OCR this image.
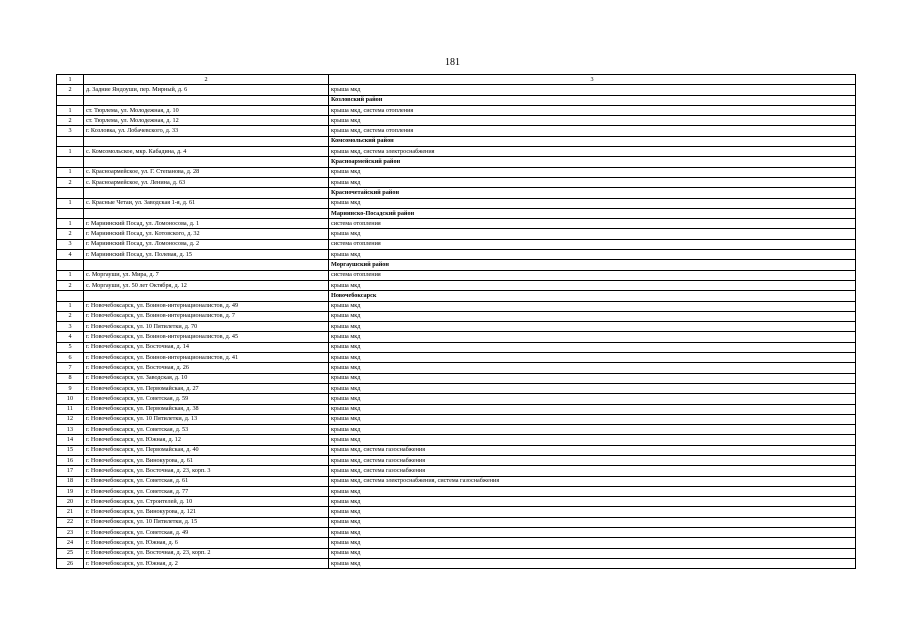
181
1	2	3
2	д. Задние Яндоуши, пер. Мирный, д. 6	крыша мкд
		Козловский район
1	ст. Тюрлема, ул. Молодежная, д. 10	крыша мкд, система отопления
2	ст. Тюрлема, ул. Молодежная, д. 12	крыша мкд
3	г. Козловка, ул. Лобачевского, д. 33	крыша мкд, система отопления
		Комсомольский район
1	с. Комсомольское, мкр. Кабадина, д. 4	крыша мкд, система электроснабжения
		Красноармейский район
1	с. Красноармейское, ул. Г. Степанова, д. 28	крыша мкд
2	с. Красноармейское, ул. Ленина, д. 63	крыша мкд
		Красночетайский район
1	с. Красные Четаи, ул. Заводская 1-я, д. 61	крыша мкд
		Мариинско-Посадский район
1	г. Мариинский Посад, ул. Ломоносова, д. 1	система отопления
2	г. Мариинский Посад, ул. Котовского, д. 32	крыша мкд
3	г. Мариинский Посад, ул. Ломоносова, д. 2	система отопления
4	г. Мариинский Посад, ул. Полевая, д. 15	крыша мкд
		Моргаушский район
1	с. Моргауши, ул. Мира, д. 7	система отопления
2	с. Моргауши, ул. 50 лет Октября, д. 12	крыша мкд
		Новочебоксарск
1	г. Новочебоксарск, ул. Воинов-интернационалистов, д. 49	крыша мкд
2	г. Новочебоксарск, ул. Воинов-интернационалистов, д. 7	крыша мкд
3	г. Новочебоксарск, ул. 10 Пятилетки, д. 70	крыша мкд
4	г. Новочебоксарск, ул. Воинов-интернационалистов, д. 45	крыша мкд
5	г. Новочебоксарск, ул. Восточная, д. 14	крыша мкд
6	г. Новочебоксарск, ул. Воинов-интернационалистов, д. 41	крыша мкд
7	г. Новочебоксарск, ул. Восточная, д. 26	крыша мкд
8	г. Новочебоксарск, ул. Заводская, д. 10	крыша мкд
9	г. Новочебоксарск, ул. Первомайская, д. 27	крыша мкд
10	г. Новочебоксарск, ул. Советская, д. 59	крыша мкд
11	г. Новочебоксарск, ул. Первомайская, д. 38	крыша мкд
12	г. Новочебоксарск, ул. 10 Пятилетки, д. 13	крыша мкд
13	г. Новочебоксарск, ул. Советская, д. 53	крыша мкд
14	г. Новочебоксарск, ул. Южная, д. 12	крыша мкд
15	г. Новочебоксарск, ул. Первомайская, д. 40	крыша мкд, система газоснабжения
16	г. Новочебоксарск, ул. Винокурова, д. 61	крыша мкд, система газоснабжения
17	г. Новочебоксарск, ул. Восточная, д. 23, корп. 3	крыша мкд, система газоснабжения
18	г. Новочебоксарск, ул. Советская, д. 61	крыша мкд, система электроснабжения, система газоснабжения
19	г. Новочебоксарск, ул. Советская, д. 77	крыша мкд
20	г. Новочебоксарск, ул. Строителей, д. 10	крыша мкд
21	г. Новочебоксарск, ул. Винокурова, д. 121	крыша мкд
22	г. Новочебоксарск, ул. 10 Пятилетки, д. 15	крыша мкд
23	г. Новочебоксарск, ул. Советская, д. 49	крыша мкд
24	г. Новочебоксарск, ул. Южная, д. 6	крыша мкд
25	г. Новочебоксарск, ул. Восточная, д. 23, корп. 2	крыша мкд
26	г. Новочебоксарск, ул. Южная, д. 2	крыша мкд
